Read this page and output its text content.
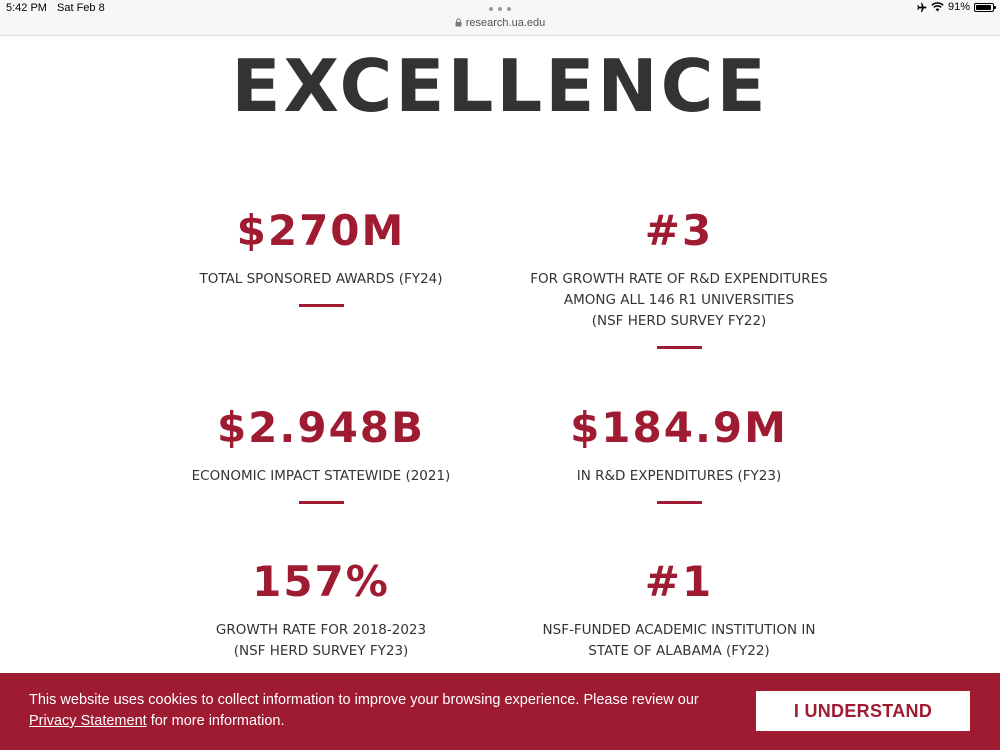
5:42 PM Sat Feb 8
research.ua.edu
91%
EXCELLENCE
$270M
TOTAL SPONSORED AWARDS (FY24)
#3
FOR GROWTH RATE OF R&D EXPENDITURES
AMONG ALL 146 R1 UNIVERSITIES
(NSF HERD SURVEY FY22)
$2.948B
ECONOMIC IMPACT STATEWIDE (2021)
$184.9M
IN R&D EXPENDITURES (FY23)
157%
GROWTH RATE FOR 2018-2023
(NSF HERD SURVEY FY23)
#1
NSF-FUNDED ACADEMIC INSTITUTION IN
STATE OF ALABAMA (FY22)
This website uses cookies to collect information to improve your browsing experience. Please review our Privacy Statement for more information.
I UNDERSTAND
